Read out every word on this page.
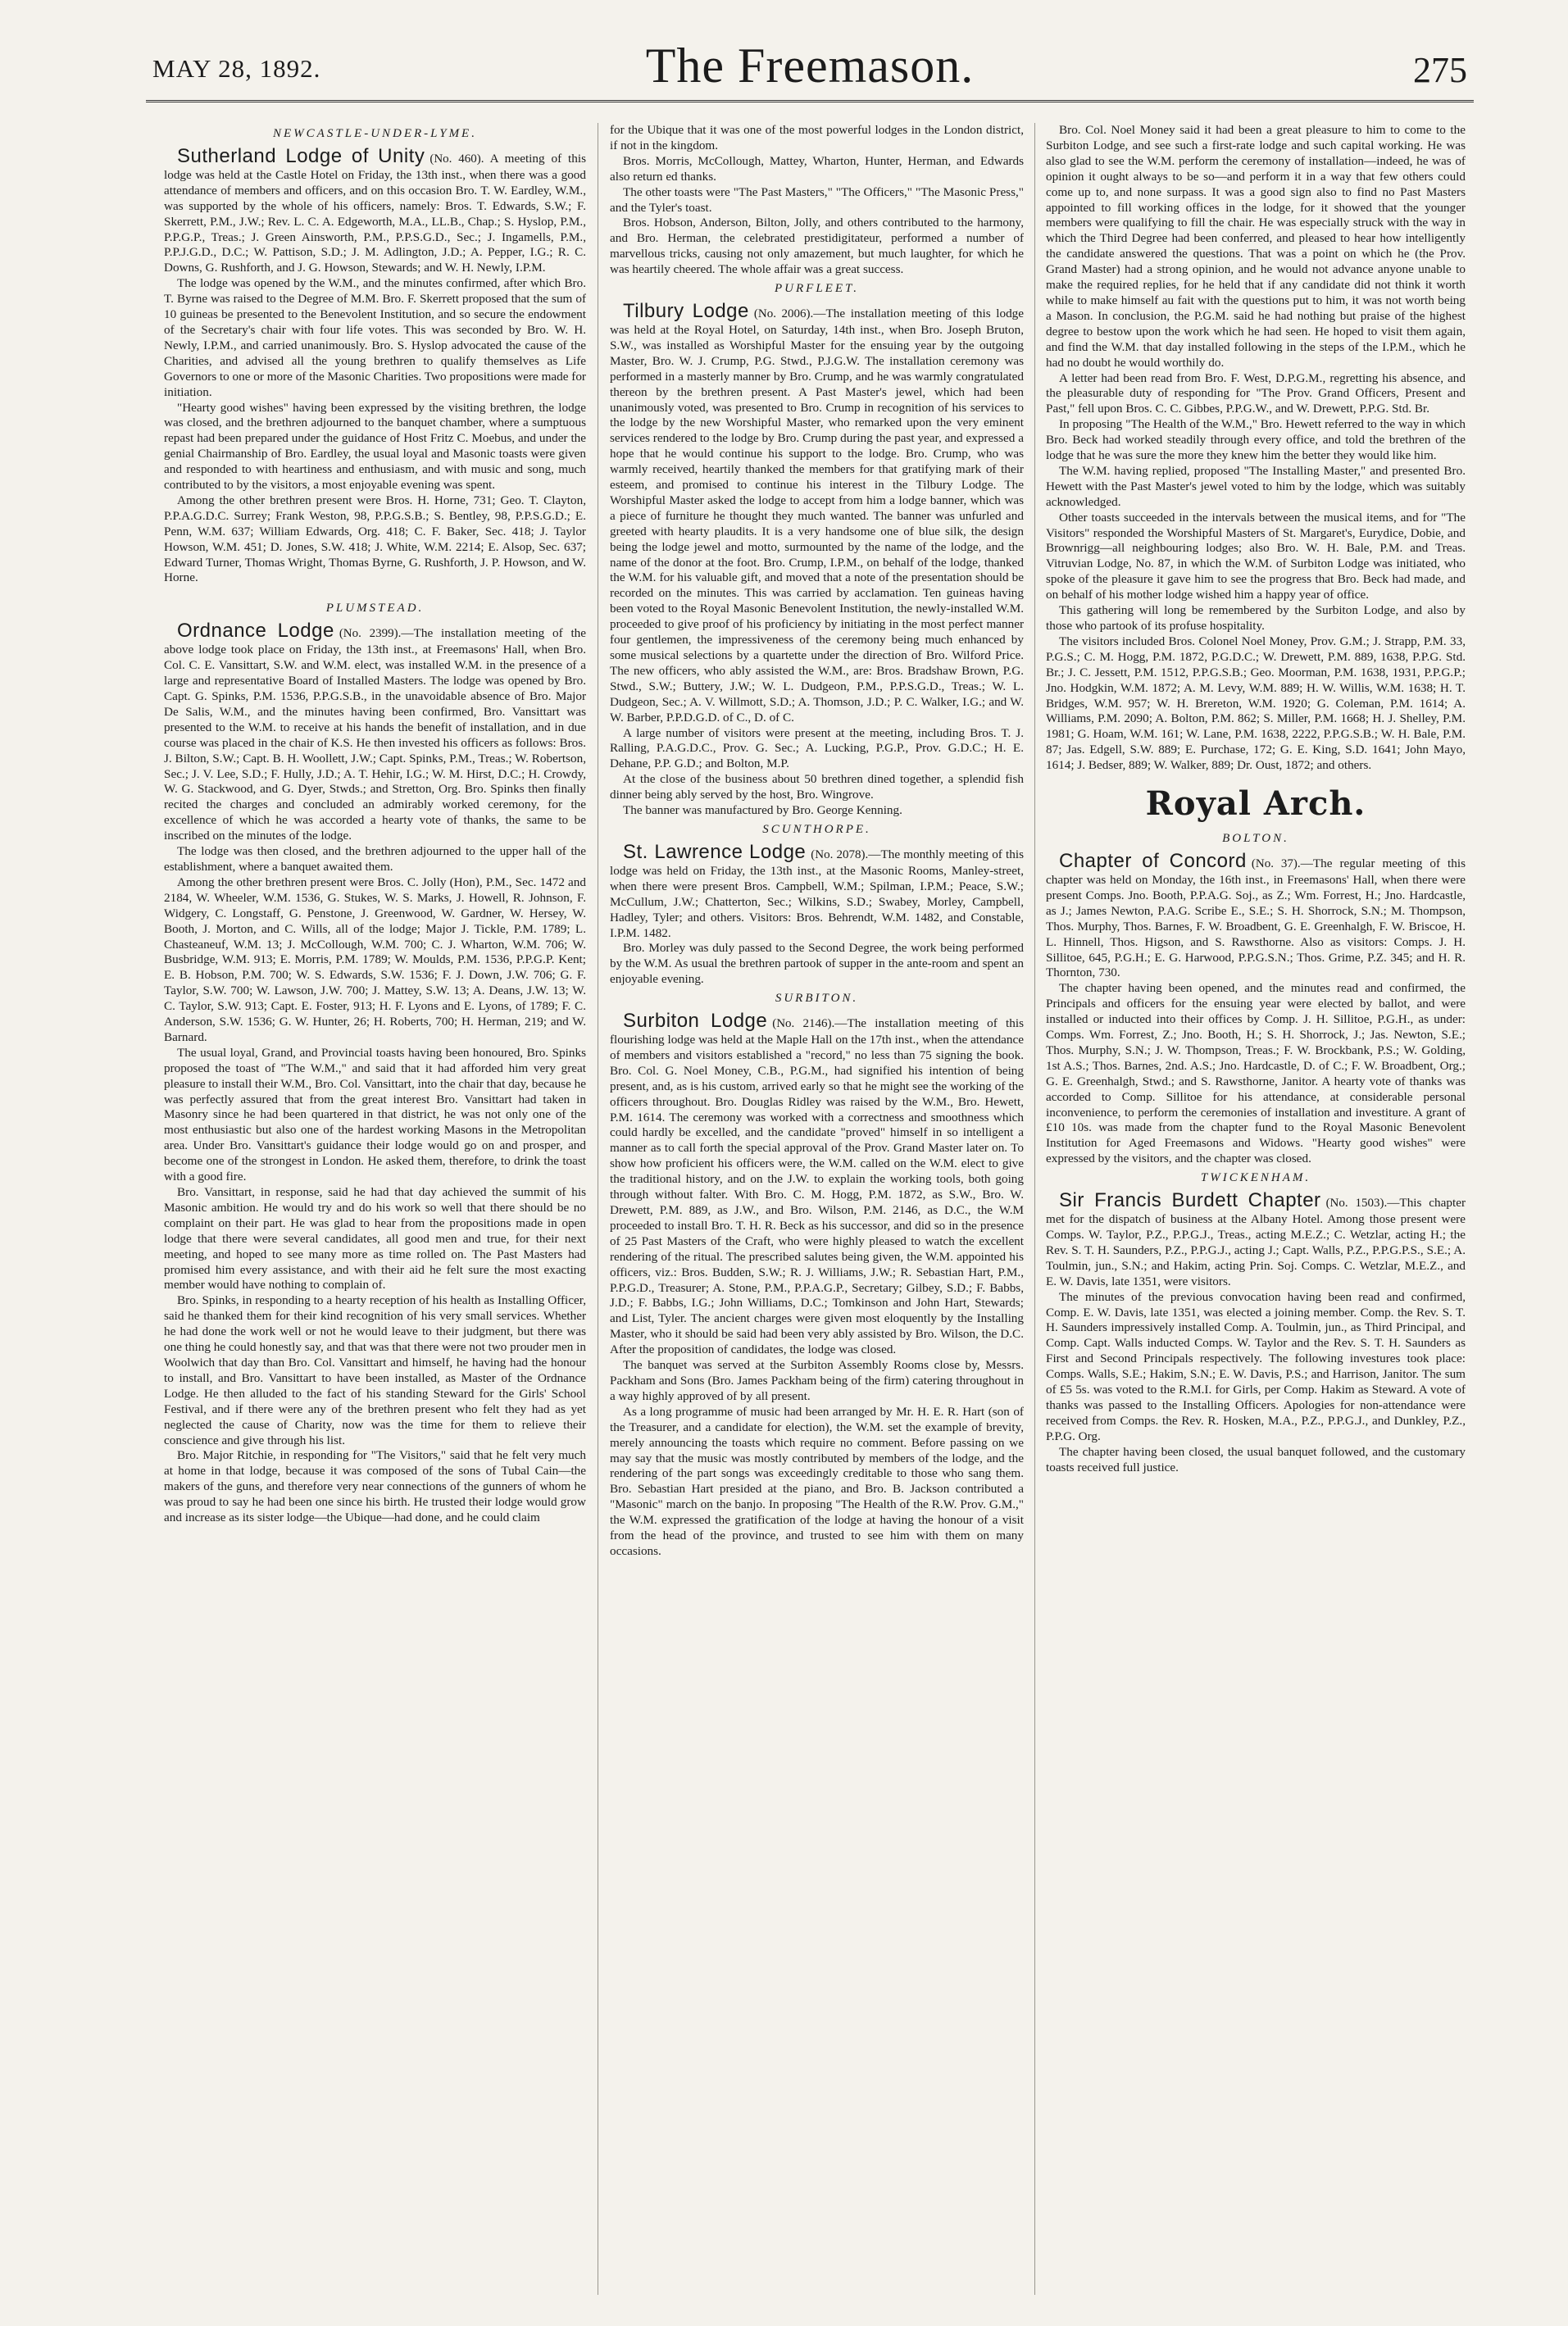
MAY 28, 1892.	The Freemason.	275
NEWCASTLE-UNDER-LYME.

Sutherland Lodge of Unity (No. 460). A meeting of this lodge was held at the Castle Hotel on Friday, the 13th inst., when there was a good attendance of members and officers, and on this occasion Bro. T. W. Eardley, W.M., was supported by the whole of his officers, namely: Bros. T. Edwards, S.W.; F. Skerrett, P.M., J.W.; Rev. L. C. A. Edgeworth, M.A., LL.B., Chap.; S. Hyslop, P.M., P.P.G.P., Treas.; J. Green Ainsworth, P.M., P.P.S.G.D., Sec.; J. Ingamells, P.M., P.P.J.G.D., D.C.; W. Pattison, S.D.; J. M. Adlington, J.D.; A. Pepper, I.G.; R. C. Downs, G. Rushforth, and J. G. Howson, Stewards; and W. H. Newly, I.P.M.

The lodge was opened by the W.M., and the minutes confirmed, after which Bro. T. Byrne was raised to the Degree of M.M. Bro. F. Skerrett proposed that the sum of 10 guineas be presented to the Benevolent Institution, and so secure the endowment of the Secretary's chair with four life votes. This was seconded by Bro. W. H. Newly, I.P.M., and carried unanimously. Bro. S. Hyslop advocated the cause of the Charities, and advised all the young brethren to qualify themselves as Life Governors to one or more of the Masonic Charities. Two propositions were made for initiation.

"Hearty good wishes" having been expressed by the visiting brethren, the lodge was closed, and the brethren adjourned to the banquet chamber, where a sumptuous repast had been prepared under the guidance of Host Fritz C. Moebus, and under the genial Chairmanship of Bro. Eardley, the usual loyal and Masonic toasts were given and responded to with heartiness and enthusiasm, and with music and song, much contributed to by the visitors, a most enjoyable evening was spent.

Among the other brethren present were Bros. H. Horne, 731; Geo. T. Clayton, P.P.A.G.D.C. Surrey; Frank Weston, 98, P.P.G.S.B.; S. Bentley, 98, P.P.S.G.D.; E. Penn, W.M. 637; William Edwards, Org. 418; C. F. Baker, Sec. 418; J. Taylor Howson, W.M. 451; D. Jones, S.W. 418; J. White, W.M. 2214; E. Alsop, Sec. 637; Edward Turner, Thomas Wright, Thomas Byrne, G. Rushforth, J. P. Howson, and W. Horne.

PLUMSTEAD.

Ordnance Lodge (No. 2399).—The installation meeting of the above lodge took place on Friday, the 13th inst., at Freemasons' Hall, when Bro. Col. C. E. Vansittart, S.W. and W.M. elect, was installed W.M. in the presence of a large and representative Board of Installed Masters. The lodge was opened by Bro. Capt. G. Spinks, P.M. 1536, P.P.G.S.B., in the unavoidable absence of Bro. Major De Salis, W.M., and the minutes having been confirmed, Bro. Vansittart was presented to the W.M. to receive at his hands the benefit of installation, and in due course was placed in the chair of K.S. He then invested his officers as follows: Bros. J. Bilton, S.W.; Capt. B. H. Woollett, J.W.; Capt. Spinks, P.M., Treas.; W. Robertson, Sec.; J. V. Lee, S.D.; F. Hully, J.D.; A. T. Hehir, I.G.; W. M. Hirst, D.C.; H. Crowdy, W. G. Stackwood, and G. Dyer, Stwds.; and Stretton, Org. Bro. Spinks then finally recited the charges and concluded an admirably worked ceremony, for the excellence of which he was accorded a hearty vote of thanks, the same to be inscribed on the minutes of the lodge.

The lodge was then closed, and the brethren adjourned to the upper hall of the establishment, where a banquet awaited them.

Among the other brethren present were Bros. C. Jolly (Hon), P.M., Sec. 1472 and 2184, W. Wheeler, W.M. 1536, G. Stukes, W. S. Marks, J. Howell, R. Johnson, F. Widgery, C. Longstaff, G. Penstone, J. Greenwood, W. Gardner, W. Hersey, W. Booth, J. Morton, and C. Wills, all of the lodge; Major J. Tickle, P.M. 1789; L. Chasteaneuf, W.M. 13; J. McCollough, W.M. 700; C. J. Wharton, W.M. 706; W. Busbridge, W.M. 913; E. Morris, P.M. 1789; W. Moulds, P.M. 1536, P.P.G.P. Kent; E. B. Hobson, P.M. 700; W. S. Edwards, S.W. 1536; F. J. Down, J.W. 706; G. F. Taylor, S.W. 700; W. Lawson, J.W. 700; J. Mattey, S.W. 13; A. Deans, J.W. 13; W. C. Taylor, S.W. 913; Capt. E. Foster, 913; H. F. Lyons and E. Lyons, of 1789; F. C. Anderson, S.W. 1536; G. W. Hunter, 26; H. Roberts, 700; H. Herman, 219; and W. Barnard.

The usual loyal, Grand, and Provincial toasts having been honoured, Bro. Spinks proposed the toast of "The W.M.," and said that it had afforded him very great pleasure to install their W.M., Bro. Col. Vansittart, into the chair that day, because he was perfectly assured that from the great interest Bro. Vansittart had taken in Masonry since he had been quartered in that district, he was not only one of the most enthusiastic but also one of the hardest working Masons in the Metropolitan area. Under Bro. Vansittart's guidance their lodge would go on and prosper, and become one of the strongest in London. He asked them, therefore, to drink the toast with a good fire.

Bro. Vansittart, in response, said he had that day achieved the summit of his Masonic ambition. He would try and do his work so well that there should be no complaint on their part. He was glad to hear from the propositions made in open lodge that there were several candidates, all good men and true, for their next meeting, and hoped to see many more as time rolled on. The Past Masters had promised him every assistance, and with their aid he felt sure the most exacting member would have nothing to complain of.

Bro. Spinks, in responding to a hearty reception of his health as Installing Officer, said he thanked them for their kind recognition of his very small services. Whether he had done the work well or not he would leave to their judgment, but there was one thing he could honestly say, and that was that there were not two prouder men in Woolwich that day than Bro. Col. Vansittart and himself, he having had the honour to install, and Bro. Vansittart to have been installed, as Master of the Ordnance Lodge. He then alluded to the fact of his standing Steward for the Girls' School Festival, and if there were any of the brethren present who felt they had as yet neglected the cause of Charity, now was the time for them to relieve their conscience and give through his list.

Bro. Major Ritchie, in responding for "The Visitors," said that he felt very much at home in that lodge, because it was composed of the sons of Tubal Cain—the makers of the guns, and therefore very near connections of the gunners of whom he was proud to say he had been one since his birth. He trusted their lodge would grow and increase as its sister lodge—the Ubique—had done, and he could claim

for the Ubique that it was one of the most powerful lodges in the London district, if not in the kingdom.

Bros. Morris, McCollough, Mattey, Wharton, Hunter, Herman, and Edwards also return ed thanks.

The other toasts were "The Past Masters," "The Officers," "The Masonic Press," and the Tyler's toast.

Bros. Hobson, Anderson, Bilton, Jolly, and others contributed to the harmony, and Bro. Herman, the celebrated prestidigitateur, performed a number of marvellous tricks, causing not only amazement, but much laughter, for which he was heartily cheered. The whole affair was a great success.

PURFLEET.

Tilbury Lodge (No. 2006).—The installation meeting of this lodge was held at the Royal Hotel, on Saturday, 14th inst., when Bro. Joseph Bruton, S.W., was installed as Worshipful Master for the ensuing year by the outgoing Master, Bro. W. J. Crump, P.G. Stwd., P.J.G.W. The installation ceremony was performed in a masterly manner by Bro. Crump, and he was warmly congratulated thereon by the brethren present. A Past Master's jewel, which had been unanimously voted, was presented to Bro. Crump in recognition of his services to the lodge by the new Worshipful Master, who remarked upon the very eminent services rendered to the lodge by Bro. Crump during the past year, and expressed a hope that he would continue his support to the lodge. Bro. Crump, who was warmly received, heartily thanked the members for that gratifying mark of their esteem, and promised to continue his interest in the Tilbury Lodge. The Worshipful Master asked the lodge to accept from him a lodge banner, which was a piece of furniture he thought they much wanted. The banner was unfurled and greeted with hearty plaudits. It is a very handsome one of blue silk, the design being the lodge jewel and motto, surmounted by the name of the lodge, and the name of the donor at the foot. Bro. Crump, I.P.M., on behalf of the lodge, thanked the W.M. for his valuable gift, and moved that a note of the presentation should be recorded on the minutes. This was carried by acclamation. Ten guineas having been voted to the Royal Masonic Benevolent Institution, the newly-installed W.M. proceeded to give proof of his proficiency by initiating in the most perfect manner four gentlemen, the impressiveness of the ceremony being much enhanced by some musical selections by a quartette under the direction of Bro. Wilford Price. The new officers, who ably assisted the W.M., are: Bros. Bradshaw Brown, P.G. Stwd., S.W.; Buttery, J.W.; W. L. Dudgeon, P.M., P.P.S.G.D., Treas.; W. L. Dudgeon, Sec.; A. V. Willmott, S.D.; A. Thomson, J.D.; P. C. Walker, I.G.; and W. W. Barber, P.P.D.G.D. of C., D. of C.

A large number of visitors were present at the meeting, including Bros. T. J. Ralling, P.A.G.D.C., Prov. G. Sec.; A. Lucking, P.G.P., Prov. G.D.C.; H. E. Dehane, P.P. G.D.; and Bolton, M.P.

At the close of the business about 50 brethren dined together, a splendid fish dinner being ably served by the host, Bro. Wingrove.

The banner was manufactured by Bro. George Kenning.

SCUNTHORPE.

St. Lawrence Lodge (No. 2078).—The monthly meeting of this lodge was held on Friday, the 13th inst., at the Masonic Rooms, Manley-street, when there were present Bros. Campbell, W.M.; Spilman, I.P.M.; Peace, S.W.; McCullum, J.W.; Chatterton, Sec.; Wilkins, S.D.; Swabey, Morley, Campbell, Hadley, Tyler; and others. Visitors: Bros. Behrendt, W.M. 1482, and Constable, I.P.M. 1482.

Bro. Morley was duly passed to the Second Degree, the work being performed by the W.M. As usual the brethren partook of supper in the ante-room and spent an enjoyable evening.

SURBITON.

Surbiton Lodge (No. 2146).—The installation meeting of this flourishing lodge was held at the Maple Hall on the 17th inst., when the attendance of members and visitors established a "record," no less than 75 signing the book. Bro. Col. G. Noel Money, C.B., P.G.M., had signified his intention of being present, and, as is his custom, arrived early so that he might see the working of the officers throughout. Bro. Douglas Ridley was raised by the W.M., Bro. Hewett, P.M. 1614. The ceremony was worked with a correctness and smoothness which could hardly be excelled, and the candidate "proved" himself in so intelligent a manner as to call forth the special approval of the Prov. Grand Master later on. To show how proficient his officers were, the W.M. called on the W.M. elect to give the traditional history, and on the J.W. to explain the working tools, both going through without falter. With Bro. C. M. Hogg, P.M. 1872, as S.W., Bro. W. Drewett, P.M. 889, as J.W., and Bro. Wilson, P.M. 2146, as D.C., the W.M proceeded to install Bro. T. H. R. Beck as his successor, and did so in the presence of 25 Past Masters of the Craft, who were highly pleased to watch the excellent rendering of the ritual. The prescribed salutes being given, the W.M. appointed his officers, viz.: Bros. Budden, S.W.; R. J. Williams, J.W.; R. Sebastian Hart, P.M., P.P.G.D., Treasurer; A. Stone, P.M., P.P.A.G.P., Secretary; Gilbey, S.D.; F. Babbs, J.D.; F. Babbs, I.G.; John Williams, D.C.; Tomkinson and John Hart, Stewards; and List, Tyler. The ancient charges were given most eloquently by the Installing Master, who it should be said had been very ably assisted by Bro. Wilson, the D.C. After the proposition of candidates, the lodge was closed.

The banquet was served at the Surbiton Assembly Rooms close by, Messrs. Packham and Sons (Bro. James Packham being of the firm) catering throughout in a way highly approved of by all present.

As a long programme of music had been arranged by Mr. H. E. R. Hart (son of the Treasurer, and a candidate for election), the W.M. set the example of brevity, merely announcing the toasts which require no comment. Before passing on we may say that the music was mostly contributed by members of the lodge, and the rendering of the part songs was exceedingly creditable to those who sang them. Bro. Sebastian Hart presided at the piano, and Bro. B. Jackson contributed a "Masonic" march on the banjo. In proposing "The Health of the R.W. Prov. G.M.," the W.M. expressed the gratification of the lodge at having the honour of a visit from the head of the province, and trusted to see him with them on many occasions.

Bro. Col. Noel Money said it had been a great pleasure to him to come to the Surbiton Lodge, and see such a first-rate lodge and such capital working. He was also glad to see the W.M. perform the ceremony of installation—indeed, he was of opinion it ought always to be so—and perform it in a way that few others could come up to, and none surpass. It was a good sign also to find no Past Masters appointed to fill working offices in the lodge, for it showed that the younger members were qualifying to fill the chair. He was especially struck with the way in which the Third Degree had been conferred, and pleased to hear how intelligently the candidate answered the questions. That was a point on which he (the Prov. Grand Master) had a strong opinion, and he would not advance anyone unable to make the required replies, for he held that if any candidate did not think it worth while to make himself au fait with the questions put to him, it was not worth being a Mason. In conclusion, the P.G.M. said he had nothing but praise of the highest degree to bestow upon the work which he had seen. He hoped to visit them again, and find the W.M. that day installed following in the steps of the I.P.M., which he had no doubt he would worthily do.

A letter had been read from Bro. F. West, D.P.G.M., regretting his absence, and the pleasurable duty of responding for "The Prov. Grand Officers, Present and Past," fell upon Bros. C. C. Gibbes, P.P.G.W., and W. Drewett, P.P.G. Std. Br.

In proposing "The Health of the W.M.," Bro. Hewett referred to the way in which Bro. Beck had worked steadily through every office, and told the brethren of the lodge that he was sure the more they knew him the better they would like him.

The W.M. having replied, proposed "The Installing Master," and presented Bro. Hewett with the Past Master's jewel voted to him by the lodge, which was suitably acknowledged.

Other toasts succeeded in the intervals between the musical items, and for "The Visitors" responded the Worshipful Masters of St. Margaret's, Eurydice, Dobie, and Brownrigg—all neighbouring lodges; also Bro. W. H. Bale, P.M. and Treas. Vitruvian Lodge, No. 87, in which the W.M. of Surbiton Lodge was initiated, who spoke of the pleasure it gave him to see the progress that Bro. Beck had made, and on behalf of his mother lodge wished him a happy year of office.

This gathering will long be remembered by the Surbiton Lodge, and also by those who partook of its profuse hospitality.

The visitors included Bros. Colonel Noel Money, Prov. G.M.; J. Strapp, P.M. 33, P.G.S.; C. M. Hogg, P.M. 1872, P.G.D.C.; W. Drewett, P.M. 889, 1638, P.P.G. Std. Br.; J. C. Jessett, P.M. 1512, P.P.G.S.B.; Geo. Moorman, P.M. 1638, 1931, P.P.G.P.; Jno. Hodgkin, W.M. 1872; A. M. Levy, W.M. 889; H. W. Willis, W.M. 1638; H. T. Bridges, W.M. 957; W. H. Brereton, W.M. 1920; G. Coleman, P.M. 1614; A. Williams, P.M. 2090; A. Bolton, P.M. 862; S. Miller, P.M. 1668; H. J. Shelley, P.M. 1981; G. Hoam, W.M. 161; W. Lane, P.M. 1638, 2222, P.P.G.S.B.; W. H. Bale, P.M. 87; Jas. Edgell, S.W. 889; E. Purchase, 172; G. E. King, S.D. 1641; John Mayo, 1614; J. Bedser, 889; W. Walker, 889; Dr. Oust, 1872; and others.

Royal Arch.
BOLTON.

Chapter of Concord (No. 37).—The regular meeting of this chapter was held on Monday, the 16th inst., in Freemasons' Hall, when there were present Comps. Jno. Booth, P.P.A.G. Soj., as Z.; Wm. Forrest, H.; Jno. Hardcastle, as J.; James Newton, P.A.G. Scribe E., S.E.; S. H. Shorrock, S.N.; M. Thompson, Thos. Murphy, Thos. Barnes, F. W. Broadbent, G. E. Greenhalgh, F. W. Briscoe, H. L. Hinnell, Thos. Higson, and S. Rawsthorne. Also as visitors: Comps. J. H. Sillitoe, 645, P.G.H.; E. G. Harwood, P.P.G.S.N.; Thos. Grime, P.Z. 345; and H. R. Thornton, 730.

The chapter having been opened, and the minutes read and confirmed, the Principals and officers for the ensuing year were elected by ballot, and were installed or inducted into their offices by Comp. J. H. Sillitoe, P.G.H., as under: Comps. Wm. Forrest, Z.; Jno. Booth, H.; S. H. Shorrock, J.; Jas. Newton, S.E.; Thos. Murphy, S.N.; J. W. Thompson, Treas.; F. W. Brockbank, P.S.; W. Golding, 1st A.S.; Thos. Barnes, 2nd. A.S.; Jno. Hardcastle, D. of C.; F. W. Broadbent, Org.; G. E. Greenhalgh, Stwd.; and S. Rawsthorne, Janitor. A hearty vote of thanks was accorded to Comp. Sillitoe for his attendance, at considerable personal inconvenience, to perform the ceremonies of installation and investiture. A grant of £10 10s. was made from the chapter fund to the Royal Masonic Benevolent Institution for Aged Freemasons and Widows. "Hearty good wishes" were expressed by the visitors, and the chapter was closed.

TWICKENHAM.

Sir Francis Burdett Chapter (No. 1503).—This chapter met for the dispatch of business at the Albany Hotel. Among those present were Comps. W. Taylor, P.Z., P.P.G.J., Treas., acting M.E.Z.; C. Wetzlar, acting H.; the Rev. S. T. H. Saunders, P.Z., P.P.G.J., acting J.; Capt. Walls, P.Z., P.P.G.P.S., S.E.; A. Toulmin, jun., S.N.; and Hakim, acting Prin. Soj. Comps. C. Wetzlar, M.E.Z., and E. W. Davis, late 1351, were visitors.

The minutes of the previous convocation having been read and confirmed, Comp. E. W. Davis, late 1351, was elected a joining member. Comp. the Rev. S. T. H. Saunders impressively installed Comp. A. Toulmin, jun., as Third Principal, and Comp. Capt. Walls inducted Comps. W. Taylor and the Rev. S. T. H. Saunders as First and Second Principals respectively. The following investures took place: Comps. Walls, S.E.; Hakim, S.N.; E. W. Davis, P.S.; and Harrison, Janitor. The sum of £5 5s. was voted to the R.M.I. for Girls, per Comp. Hakim as Steward. A vote of thanks was passed to the Installing Officers. Apologies for non-attendance were received from Comps. the Rev. R. Hosken, M.A., P.Z., P.P.G.J., and Dunkley, P.Z., P.P.G. Org.

The chapter having been closed, the usual banquet followed, and the customary toasts received full justice.
